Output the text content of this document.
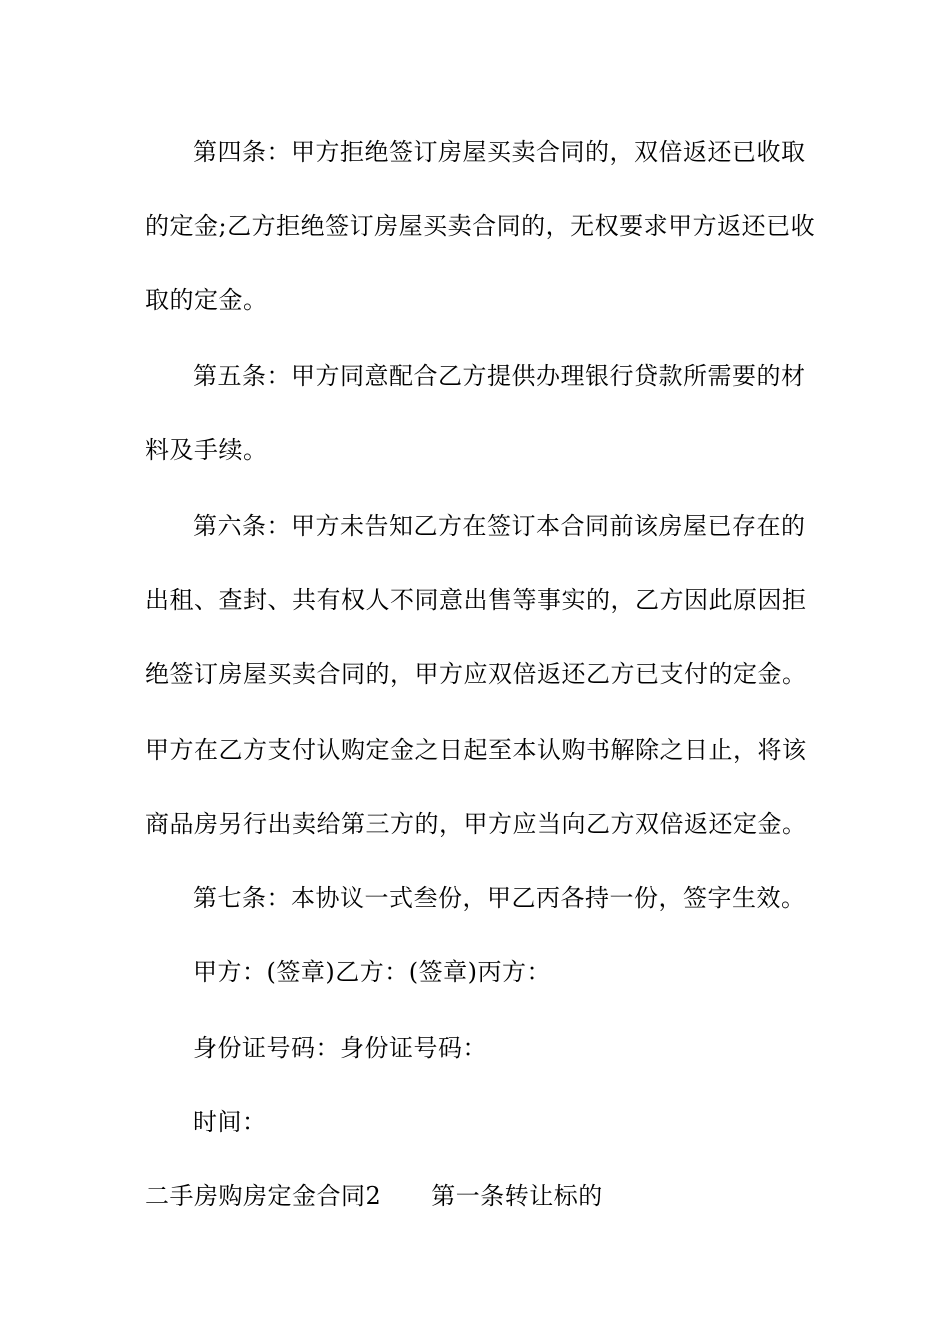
第四条：甲方拒绝签订房屋买卖合同的，双倍返还已收取
的定金;乙方拒绝签订房屋买卖合同的，无权要求甲方返还已收
取的定金。
第五条：甲方同意配合乙方提供办理银行贷款所需要的材
料及手续。
第六条：甲方未告知乙方在签订本合同前该房屋已存在的
出租、查封、共有权人不同意出售等事实的，乙方因此原因拒
绝签订房屋买卖合同的，甲方应双倍返还乙方已支付的定金。
甲方在乙方支付认购定金之日起至本认购书解除之日止，将该
商品房另行出卖给第三方的，甲方应当向乙方双倍返还定金。
第七条：本协议一式叁份，甲乙丙各持一份，签字生效。
甲方：(签章)乙方：(签章)丙方：
身份证号码：身份证号码：
时间：
二手房购房定金合同2 第一条转让标的
